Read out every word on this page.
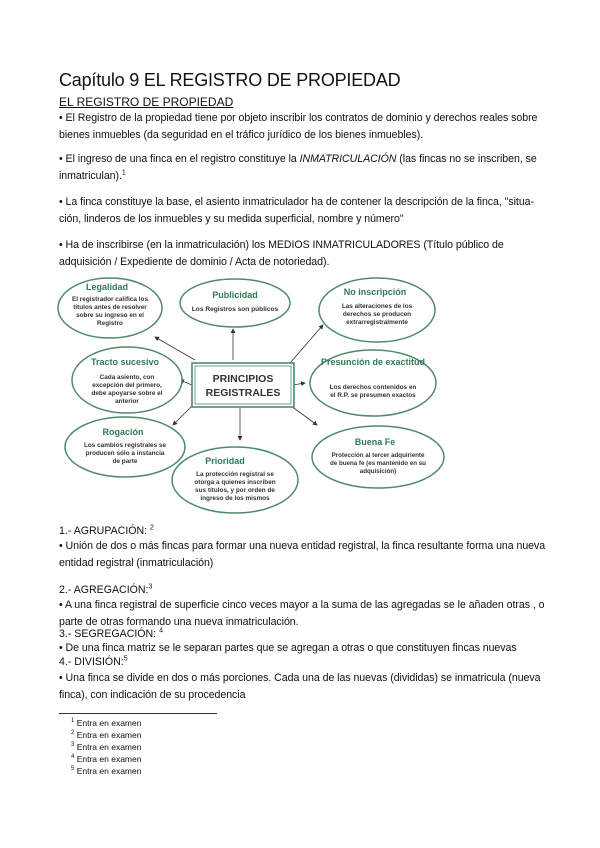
Capítulo 9 EL REGISTRO DE PROPIEDAD
EL REGISTRO DE PROPIEDAD
• El Registro de la propiedad tiene por objeto inscribir los contratos de dominio y derechos reales sobre bienes inmuebles (da seguridad en el tráfico jurídico de los bienes inmuebles).
• El ingreso de una finca en el registro constituye la INMATRICULACIÓN (las fincas no se inscriben, se inmatriculan).$^1$
• La finca constituye la base, el asiento inmatriculador ha de contener la descripción de la finca, "situa- ción, linderos de los inmuebles y su medida superficial, nombre y número"
• Ha de inscribirse (en la inmatriculación) los MEDIOS INMATRICULADORES (Título público de adquisición / Expediente de dominio / Acta de notoriedad).
PRINCIPIOS
REGISTRALES
Legalidad
El registrador califica los
títulos antes de resolver
sobre su ingreso en el
Registro
Publicidad
Los Registros son públicos
No inscripción
Las alteraciones de los
derechos se producen
extrarregistralmente
Tracto sucesivo
Cada asiento, con
excepción del primero,
debe apoyarse sobre el
anterior
Presunción de exactitud
Los derechos contenidos en
el R.P. se presumen exactos
Rogación
Los cambios registrales se
producen sólo a instancia
de parte	Prioridad
La protección registral se
otorga a quienes inscriben
sus títulos, y por orden de
ingreso de los mismos
Buena Fe
Protección al tercer adquiriente
de buena fe (es mantenido en su
adquisición)
1.- AGRUPACIÓN: $^2$
• Unión de dos o más fincas para formar una nueva entidad registral, la finca resultante forma una nueva entidad registral (inmatriculación)
2.- AGREGACIÓN:$^3$
• A una finca registral de superficie cinco veces mayor a la suma de las agregadas se le añaden otras , o parte de otras formando una nueva inmatriculación.
3.- SEGREGACIÓN: $^4$
• De una finca matriz se le separan partes que se agregan a otras o que constituyen fincas nuevas
4.- DIVISIÓN:$^5$
• Una finca se divide en dos o más porciones. Cada una de las nuevas (divididas) se inmatricula (nueva finca), con indicación de su procedencia
$^1$ Entra en examen
$^2$ Entra en examen
$^3$ Entra en examen
$^4$ Entra en examen
$^5$ Entra en examen
